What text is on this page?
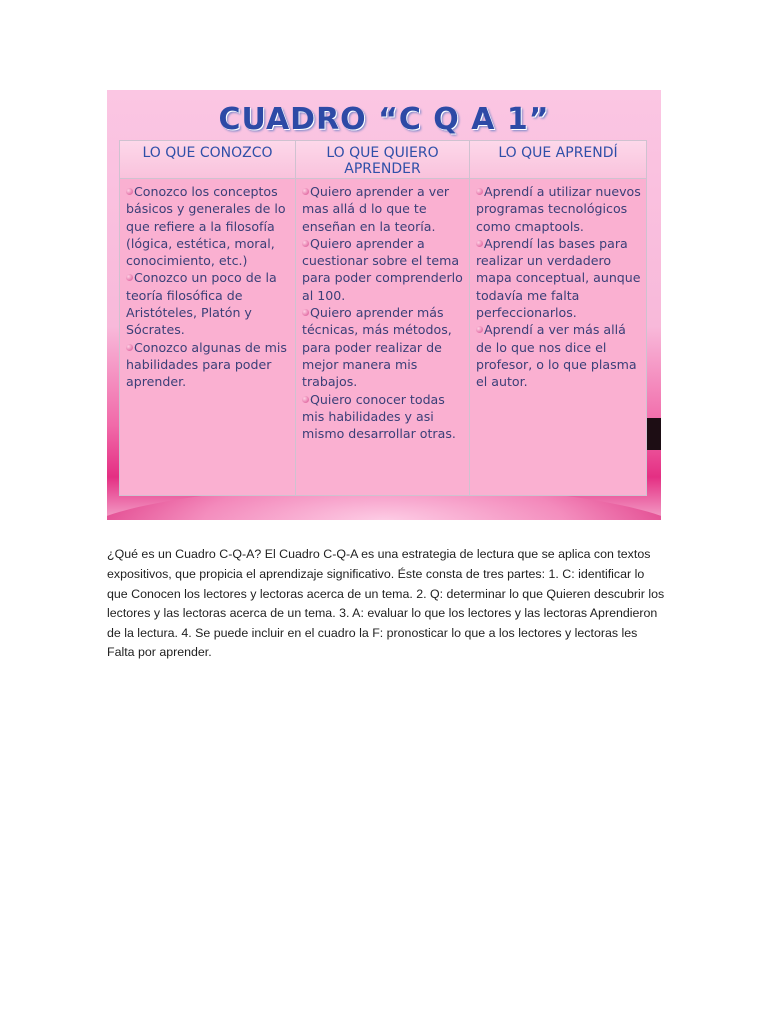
CUADRO “C Q A 1”
LO QUE CONOZCO	LO QUE QUIERO APRENDER
LO QUE APRENDÍ
Conozco los conceptos básicos y generales de lo que refiere a la filosofía (lógica, estética, moral, conocimiento, etc.)
Conozco un poco de la teoría filosófica de Aristóteles, Platón y Sócrates.
Conozco algunas de mis habilidades para poder aprender.
Quiero aprender a ver mas allá d lo que te enseñan en la teoría.
Quiero aprender a cuestionar sobre el tema para poder comprenderlo al 100.
Quiero aprender más técnicas, más métodos, para poder realizar de mejor manera mis trabajos.
Quiero conocer todas mis habilidades y asi mismo desarrollar otras.
Aprendí a utilizar nuevos programas tecnológicos como cmaptools.
Aprendí las bases para realizar un verdadero mapa conceptual, aunque todavía me falta perfeccionarlos.
Aprendí a ver más allá de lo que nos dice el profesor, o lo que plasma el autor.

¿Qué es un Cuadro C-Q-A? El Cuadro C-Q-A es una estrategia de lectura que se aplica con textos expositivos, que propicia el aprendizaje significativo. Éste consta de tres partes: 1. C: identificar lo que Conocen los lectores y lectoras acerca de un tema. 2. Q: determinar lo que Quieren descubrir los lectores y las lectoras acerca de un tema. 3. A: evaluar lo que los lectores y las lectoras Aprendieron de la lectura. 4. Se puede incluir en el cuadro la F: pronosticar lo que a los lectores y lectoras les Falta por aprender.
